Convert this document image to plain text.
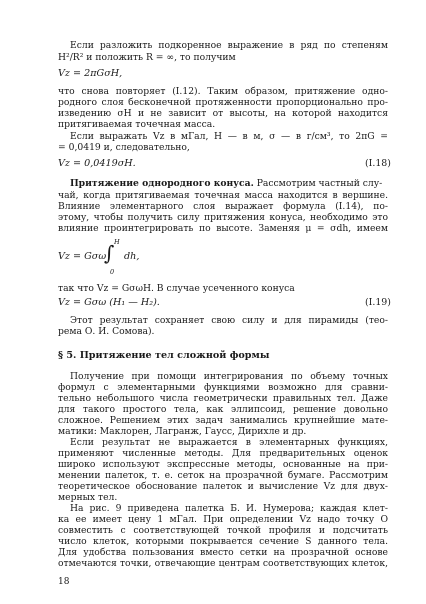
Если разложить подкоренное выражение в ряд по степеням
H²/R² и положить R = ∞, то получим
Vz = 2πGσH,
что снова повторяет (I.12). Таким образом, притяжение одно-
родного слоя бесконечной протяженности пропорционально про-
изведению σH и не зависит от высоты, на которой находится
притягиваемая точечная масса.
Если выражать Vz в мГал, H — в м, σ — в г/см³, то 2πG =
= 0,0419 и, следовательно,
Vz = 0,0419σH.	(I.18)
Притяжение однородного конуса. Рассмотрим частный слу-
чай, когда притягиваемая точечная масса находится в вершине.
Влияние элементарного слоя выражает формула (I.14), по-
этому, чтобы получить силу притяжения конуса, необходимо это
влияние проинтегрировать по высоте. Заменяя μ = σdh, имеем
Vz = Gσω
∫ H
0
dh,
так что Vz = GσωH. В случае усеченного конуса
Vz = Gσω (H₁ — H₂).	(I.19)
Этот результат сохраняет свою силу и для пирамиды (тео-
рема О. И. Сомова).
§ 5. Притяжение тел сложной формы
Получение при помощи интегрирования по объему точных
формул с элементарными функциями возможно для сравни-
тельно небольшого числа геометрически правильных тел. Даже
для такого простого тела, как эллипсоид, решение довольно
сложное. Решением этих задач занимались крупнейшие мате-
матики: Маклорен, Лагранж, Гаусс, Дирихле и др.
Если результат не выражается в элементарных функциях,
применяют численные методы. Для предварительных оценок
широко используют экспрессные методы, основанные на при-
менении палеток, т. е. сеток на прозрачной бумаге. Рассмотрим
теоретическое обоснование палеток и вычисление Vz для двух-
мерных тел.
На рис. 9 приведена палетка Б. И. Нумерова; каждая клет-
ка ее имеет цену 1 мГал. При определении Vz надо точку O
совместить с соответствующей точкой профиля и подсчитать
число клеток, которыми покрывается сечение S данного тела.
Для удобства пользования вместо сетки на прозрачной основе
отмечаются точки, отвечающие центрам соответствующих клеток,
18
